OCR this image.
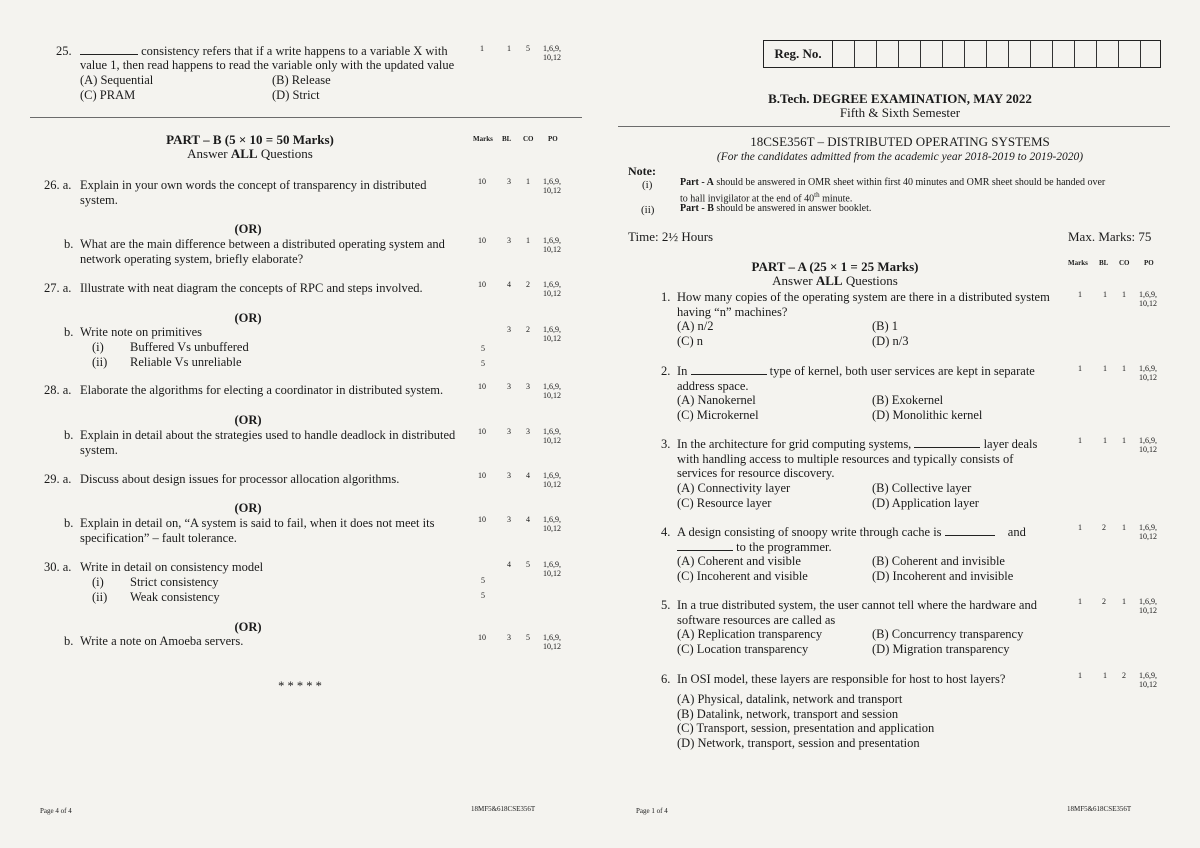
25.	consistency refers that if a write happens to a variable X with
value 1, then read happens to read the variable only with the updated value
(A) Sequential	(B) Release
(C) PRAM	(D) Strict
1	1 5 1,6,9,
10,12
PART – B (5 × 10 = 50 Marks)
Answer ALL Questions
Marks BL CO PO
26. a. Explain in your own words the concept of transparency in distributed
system.
10	3 1 1,6,9,
10,12
(OR)
b. What are the main difference between a distributed operating system and
network operating system, briefly elaborate?
10	3 1 1,6,9,
10,12
27. a. Illustrate with neat diagram the concepts of RPC and steps involved.	10	4 2 1,6,9,
10,12
(OR)
b. Write note on primitives
(i) Buffered Vs unbuffered
(ii) Reliable Vs unreliable
5
5
3 2 1,6,9,
10,12
28. a. Elaborate the algorithms for electing a coordinator in distributed system.	10	3 3 1,6,9,
10,12
(OR)
b. Explain in detail about the strategies used to handle deadlock in distributed
system.
10	3 3 1,6,9,
10,12
29. a. Discuss about design issues for processor allocation algorithms.	10	3 4 1,6,9,
10,12
(OR)
b. Explain in detail on, “A system is said to fail, when it does not meet its
specification” – fault tolerance.
10	3 4 1,6,9,
10,12
30. a. Write in detail on consistency model
(i) Strict consistency
(ii) Weak consistency
5
5
4 5 1,6,9,
10,12
(OR)
b. Write a note on Amoeba servers.	10	3 5 1,6,9,
10,12
* * * * *
Page 4 of 4	18MF5&618CSE356T
Reg. No.
B.Tech. DEGREE EXAMINATION, MAY 2022
Fifth & Sixth Semester
18CSE356T – DISTRIBUTED OPERATING SYSTEMS
(For the candidates admitted from the academic year 2018-2019 to 2019-2020)
Note:
(i)	Part - A should be answered in OMR sheet within first 40 minutes and OMR sheet should be handed over
to hall invigilator at the end of 40th minute.
(ii)	Part - B should be answered in answer booklet.
Time: 2½ Hours	Max. Marks: 75
PART – A (25 × 1 = 25 Marks)
Answer ALL Questions
Marks BL CO PO
1. How many copies of the operating system are there in a distributed system
having “n” machines?
(A) n/2	(B) 1
(C) n	(D) n/3
1	1 1 1,6,9,
10,12
2. In	type of kernel, both user services are kept in separate
address space.
(A) Nanokernel	(B) Exokernel
(C) Microkernel	(D) Monolithic kernel
1	1 1 1,6,9,
10,12
3. In the architecture for grid computing systems,	layer deals
with handling access to multiple resources and typically consists of
services for resource discovery.
(A) Connectivity layer	(B) Collective layer
(C) Resource layer	(D) Application layer
1	1 1 1,6,9,
10,12
4. A design consisting of snoopy write through cache is	and
to the programmer.
(A) Coherent and visible	(B) Coherent and invisible
(C) Incoherent and visible	(D) Incoherent and invisible
1	2 1 1,6,9,
10,12
5. In a true distributed system, the user cannot tell where the hardware and
software resources are called as
(A) Replication transparency	(B) Concurrency transparency
(C) Location transparency	(D) Migration transparency
1	2 1 1,6,9,
10,12
6. In OSI model, these layers are responsible for host to host layers?
(A) Physical, datalink, network and transport
(B) Datalink, network, transport and session
(C) Transport, session, presentation and application
(D) Network, transport, session and presentation
1	1 2 1,6,9,
10,12
Page 1 of 4	18MF5&618CSE356T
